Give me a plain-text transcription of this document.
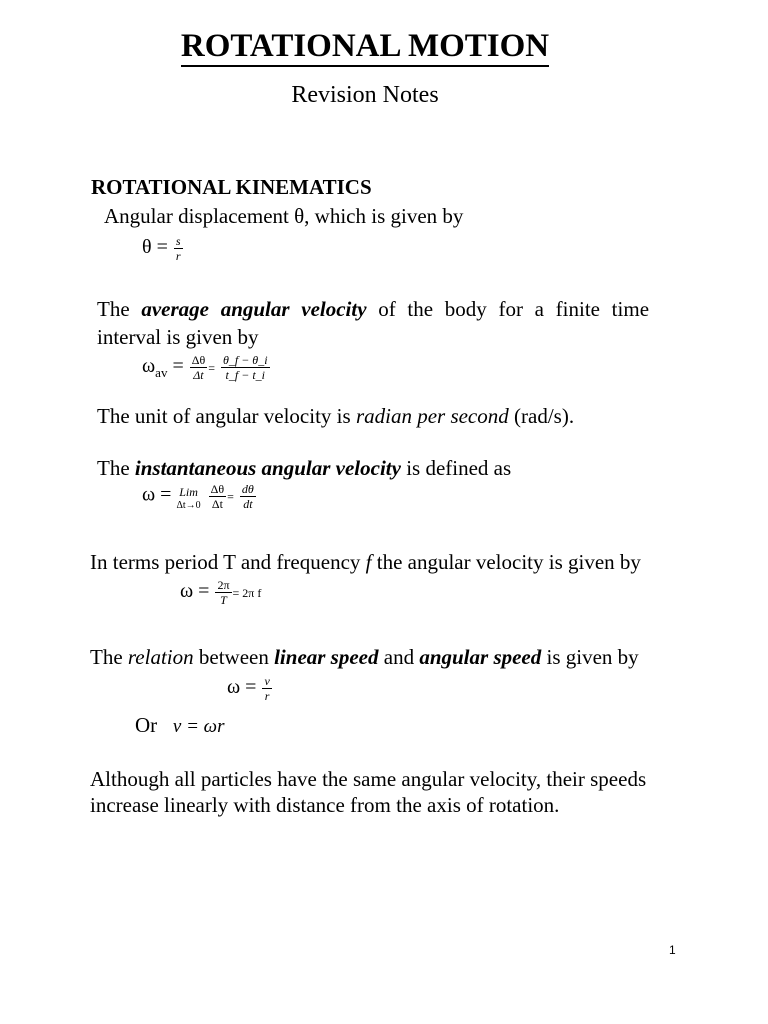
ROTATIONAL MOTION
Revision Notes
ROTATIONAL KINEMATICS
Angular displacement θ, which is given by
$\theta = \frac{s}{r}$
The average angular velocity of the body for a finite time
interval is given by
$\omega_{av} = \frac{\Delta\theta}{\Delta t} = \frac{\theta\_f - \theta\_i}{t\_f - t\_i}$
The unit of angular velocity is radian per second (rad/s).
The instantaneous angular velocity is defined as
ω = Lim
Δt→0
$\frac{\Delta\theta}{\Delta t} = \frac{d\theta}{dt}$
In terms period T and frequency f the angular velocity is given by
$\omega = \frac{2\pi}{T} = 2\pi$ f
The relation between linear speed and angular speed is given by
$\omega = \frac{v}{r}$
Or v = ωr
Although all particles have the same angular velocity, their speeds
increase linearly with distance from the axis of rotation.
1
